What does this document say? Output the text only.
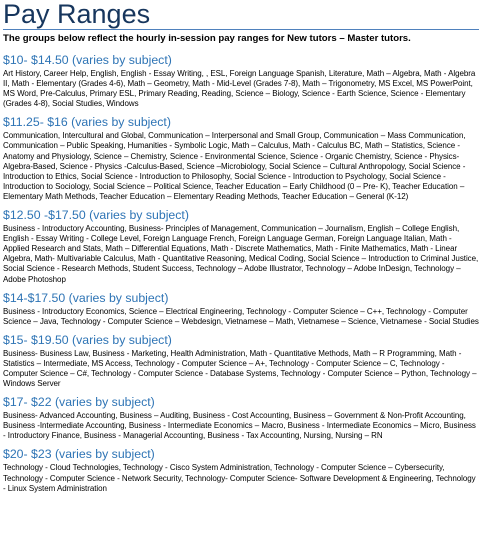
Pay Ranges

The groups below reflect the hourly in-session pay ranges for New tutors – Master tutors.

$10- $14.50 (varies by subject)

Art History, Career Help, English, English - Essay Writing, , ESL, Foreign Language Spanish, Literature, Math – Algebra, Math - Algebra II, Math - Elementary (Grades 4-6), Math – Geometry, Math - Mid-Level (Grades 7-8), Math – Trigonometry, MS Excel, MS PowerPoint, MS Word, Pre-Calculus, Primary ESL, Primary Reading, Reading, Science – Biology, Science - Earth Science, Science - Elementary (Grades 4-8), Social Studies, Windows

$11.25- $16 (varies by subject)

Communication, Intercultural and Global, Communication – Interpersonal and Small Group, Communication – Mass Communication, Communication – Public Speaking, Humanities - Symbolic Logic, Math – Calculus, Math - Calculus BC, Math – Statistics, Science - Anatomy and Physiology, Science – Chemistry, Science - Environmental Science, Science - Organic Chemistry, Science - Physics- Algebra-Based, Science - Physics -Calculus-Based, Science –Microbiology, Social Science – Cultural Anthropology, Social Science - Introduction to Ethics, Social Science - Introduction to Philosophy, Social Science - Introduction to Psychology, Social Science - Introduction to Sociology, Social Science – Political Science, Teacher Education – Early Childhood (0 – Pre- K), Teacher Education – Elementary Math Methods, Teacher Education – Elementary Reading Methods, Teacher Education – General (K-12)

$12.50 -$17.50 (varies by subject)

Business - Introductory Accounting, Business- Principles of Management, Communication – Journalism, English – College English, English - Essay Writing - College Level, Foreign Language French, Foreign Language German, Foreign Language Italian, Math - Applied Research and Stats, Math – Differential Equations, Math - Discrete Mathematics, Math - Finite Mathematics, Math - Linear Algebra, Math- Multivariable Calculus, Math - Quantitative Reasoning, Medical Coding, Social Science – Introduction to Criminal Justice, Social Science - Research Methods, Student Success, Technology – Adobe Illustrator, Technology – Adobe InDesign, Technology – Adobe Photoshop

$14-$17.50 (varies by subject)

Business - Introductory Economics, Science – Electrical Engineering, Technology - Computer Science – C++, Technology - Computer Science – Java, Technology - Computer Science – Webdesign, Vietnamese – Math, Vietnamese – Science, Vietnamese - Social Studies

$15- $19.50 (varies by subject)

Business- Business Law, Business - Marketing, Health Administration, Math - Quantitative Methods, Math – R Programming, Math - Statistics – Intermediate, MS Access, Technology - Computer Science – A+, Technology - Computer Science – C, Technology - Computer Science – C#, Technology - Computer Science - Database Systems, Technology - Computer Science – Python, Technology – Windows Server

$17- $22 (varies by subject)

Business- Advanced Accounting, Business – Auditing, Business - Cost Accounting, Business – Government & Non-Profit Accounting, Business -Intermediate Accounting, Business - Intermediate Economics – Macro, Business - Intermediate Economics – Micro, Business - Introductory Finance, Business - Managerial Accounting, Business - Tax Accounting, Nursing, Nursing – RN

$20- $23 (varies by subject)

Technology - Cloud Technologies, Technology - Cisco System Administration, Technology - Computer Science – Cybersecurity, Technology - Computer Science - Network Security, Technology- Computer Science- Software Development & Engineering, Technology - Linux System Administration
